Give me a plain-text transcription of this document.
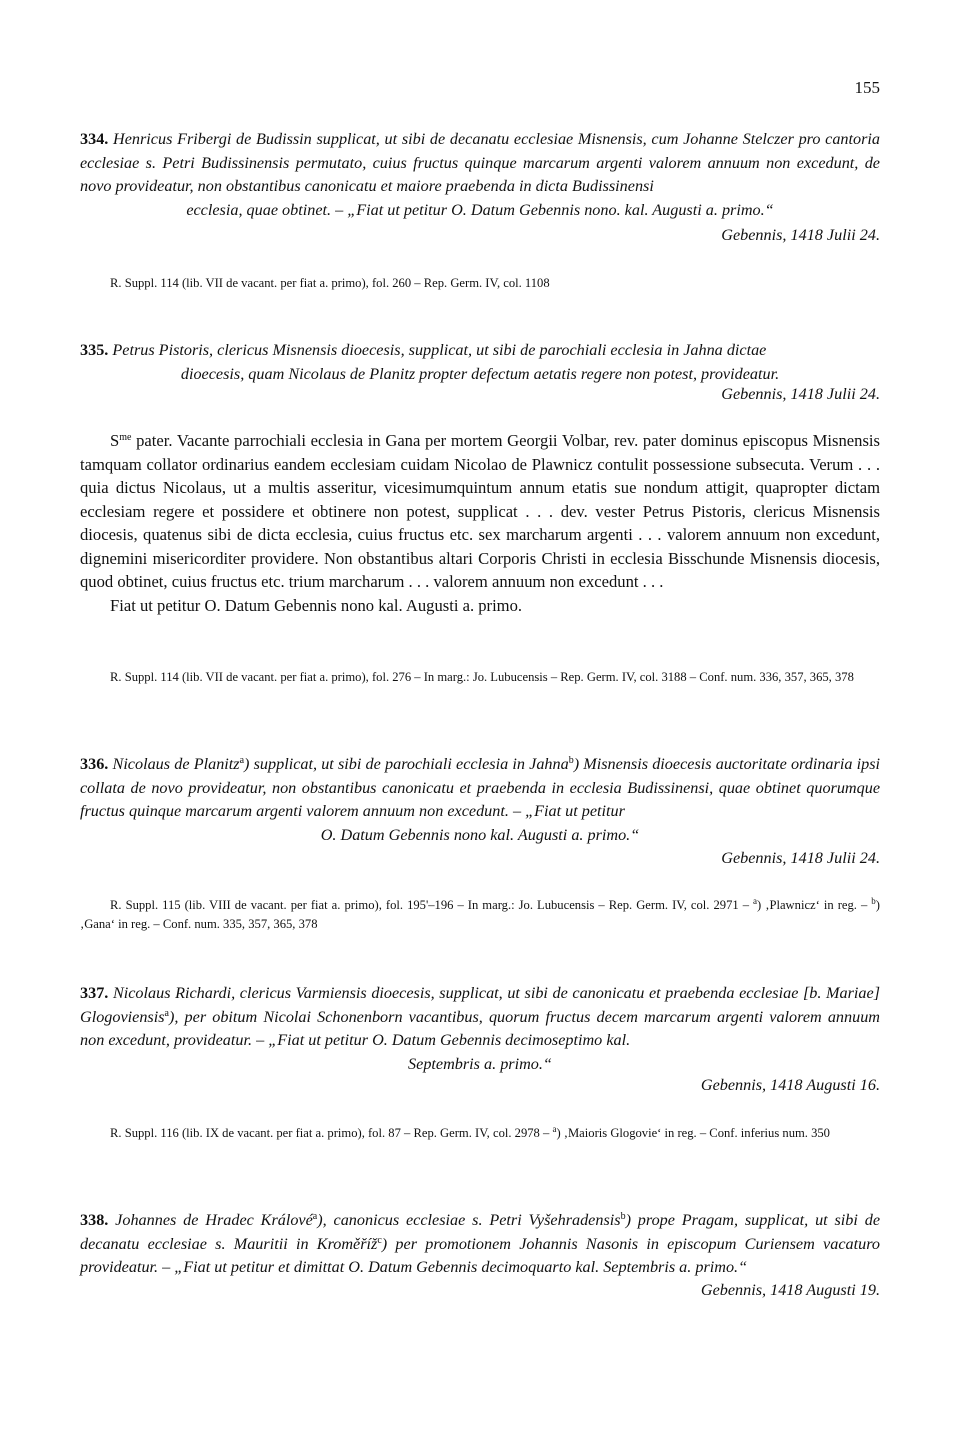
155
334. Henricus Fribergi de Budissin supplicat, ut sibi de decanatu ecclesiae Misnensis, cum Johanne Stelczer pro cantoria ecclesiae s. Petri Budissinensis permutato, cuius fructus quinque marcarum argenti valorem annuum non excedunt, de novo provideatur, non obstantibus canonicatu et maiore praebenda in dicta Budissinensi
ecclesia, quae obtinet. – „Fiat ut petitur O. Datum Gebennis nono. kal. Augusti a. primo.“
Gebennis, 1418 Julii 24.
R. Suppl. 114 (lib. VII de vacant. per fiat a. primo), fol. 260 – Rep. Germ. IV, col. 1108
335. Petrus Pistoris, clericus Misnensis dioecesis, supplicat, ut sibi de parochiali ecclesia in Jahna dictae
dioecesis, quam Nicolaus de Planitz propter defectum aetatis regere non potest, provideatur.
Gebennis, 1418 Julii 24.
$S^{me}$ pater. Vacante parrochiali ecclesia in Gana per mortem Georgii Volbar, rev. pater dominus episcopus Misnensis tamquam collator ordinarius eandem ecclesiam cuidam Nicolao de Plawnicz contulit possessione subsecuta. Verum . . . quia dictus Nicolaus, ut a multis asseritur, vicesimumquintum annum etatis sue nondum attigit, quapropter dictam ecclesiam regere et possidere et obtinere non potest, supplicat . . . dev. vester Petrus Pistoris, clericus Misnensis diocesis, quatenus sibi de dicta ecclesia, cuius fructus etc. sex marcharum argenti . . . valorem annuum non excedunt, dignemini misericorditer providere. Non obstantibus altari Corporis Christi in ecclesia Bisschunde Misnensis diocesis, quod obtinet, cuius fructus etc. trium marcharum . . . valorem annuum non excedunt . . .
Fiat ut petitur O. Datum Gebennis nono kal. Augusti a. primo.
R. Suppl. 114 (lib. VII de vacant. per fiat a. primo), fol. 276 – In marg.: Jo. Lubucensis – Rep. Germ. IV, col. 3188 – Conf. num. 336, 357, 365, 378
336. Nicolaus de Planitz$^a$) supplicat, ut sibi de parochiali ecclesia in Jahna$^b$) Misnensis dioecesis auctoritate ordinaria ipsi collata de novo provideatur, non obstantibus canonicatu et praebenda in ecclesia Budissinensi, quae obtinet quorumque fructus quinque marcarum argenti valorem annuum non excedunt. – „Fiat ut petitur
O. Datum Gebennis nono kal. Augusti a. primo.“
Gebennis, 1418 Julii 24.
R. Suppl. 115 (lib. VIII de vacant. per fiat a. primo), fol. 195'–196 – In marg.: Jo. Lubucensis – Rep. Germ. IV, col. 2971 – $^a$) ‚Plawnicz‘ in reg. – $^b$) ‚Gana‘ in reg. – Conf. num. 335, 357, 365, 378
337. Nicolaus Richardi, clericus Varmiensis dioecesis, supplicat, ut sibi de canonicatu et praebenda ecclesiae [b. Mariae] Glogoviensis$^a$), per obitum Nicolai Schonenborn vacantibus, quorum fructus decem marcarum argenti valorem annuum non excedunt, provideatur. – „Fiat ut petitur O. Datum Gebennis decimoseptimo kal.
Septembris a. primo.“
Gebennis, 1418 Augusti 16.
R. Suppl. 116 (lib. IX de vacant. per fiat a. primo), fol. 87 – Rep. Germ. IV, col. 2978 – $^a$) ‚Maioris Glogovie‘ in reg. – Conf. inferius num. 350
338. Johannes de Hradec Králové$^a$), canonicus ecclesiae s. Petri Vyšehradensis$^b$) prope Pragam, supplicat, ut sibi de decanatu ecclesiae s. Mauritii in Kroměříž$^c$) per promotionem Johannis Nasonis in episcopum Curiensem vacaturo provideatur. – „Fiat ut petitur et dimittat O. Datum Gebennis decimoquarto kal. Septembris a. primo.“
Gebennis, 1418 Augusti 19.
